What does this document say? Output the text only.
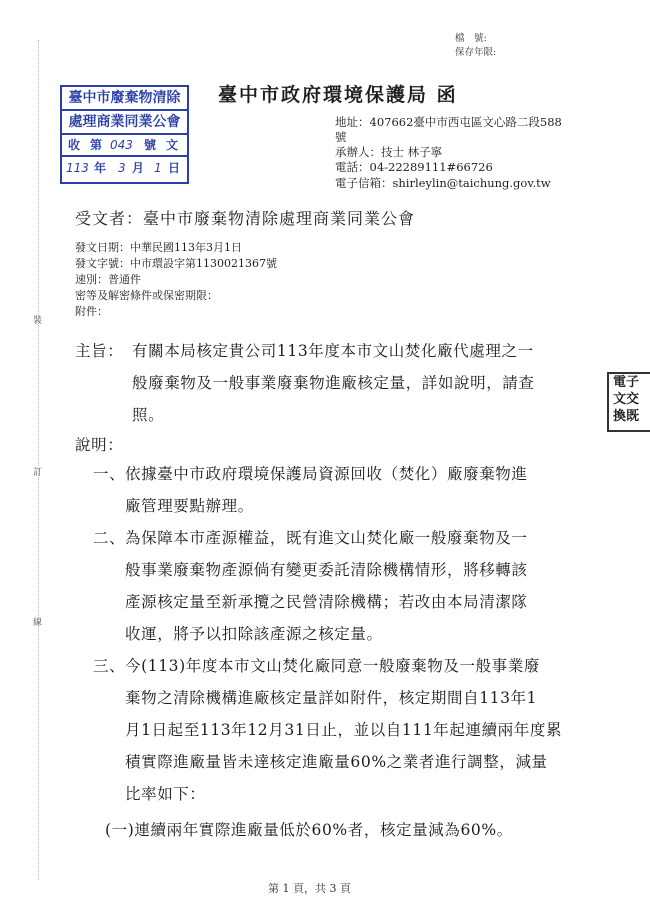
裝
訂
線
檔　號:
保存年限:
臺中市廢棄物清除
處理商業同業公會
收 第 043 號 文
113 年 3 月 1 日
臺中市政府環境保護局 函
地址：407662臺中市西屯區文心路二段588
號
承辦人：技士 林子寧
電話：04-22289111#66726
電子信箱：shirleylin@taichung.gov.tw
受文者：臺中市廢棄物清除處理商業同業公會
發文日期：中華民國113年3月1日
發文字號：中市環設字第1130021367號
速別：普通件
密等及解密條件或保密期限：
附件：
主旨： 有關本局核定貴公司113年度本市文山焚化廠代處理之一
般廢棄物及一般事業廢棄物進廠核定量，詳如說明，請查
照。
說明：
一、 依據臺中市政府環境保護局資源回收（焚化）廠廢棄物進
廠管理要點辦理。
二、 為保障本市產源權益，既有進文山焚化廠一般廢棄物及一
般事業廢棄物產源倘有變更委託清除機構情形，將移轉該
產源核定量至新承攬之民營清除機構；若改由本局清潔隊
收運，將予以扣除該產源之核定量。
三、 今(113)年度本市文山焚化廠同意一般廢棄物及一般事業廢
棄物之清除機構進廠核定量詳如附件，核定期間自113年1
月1日起至113年12月31日止，並以自111年起連續兩年度累
積實際進廠量皆未達核定進廠量60%之業者進行調整，減量
比率如下：
(一)連續兩年實際進廠量低於60%者，核定量減為60%。
電子
文交
換既
第 1 頁，共 3 頁
